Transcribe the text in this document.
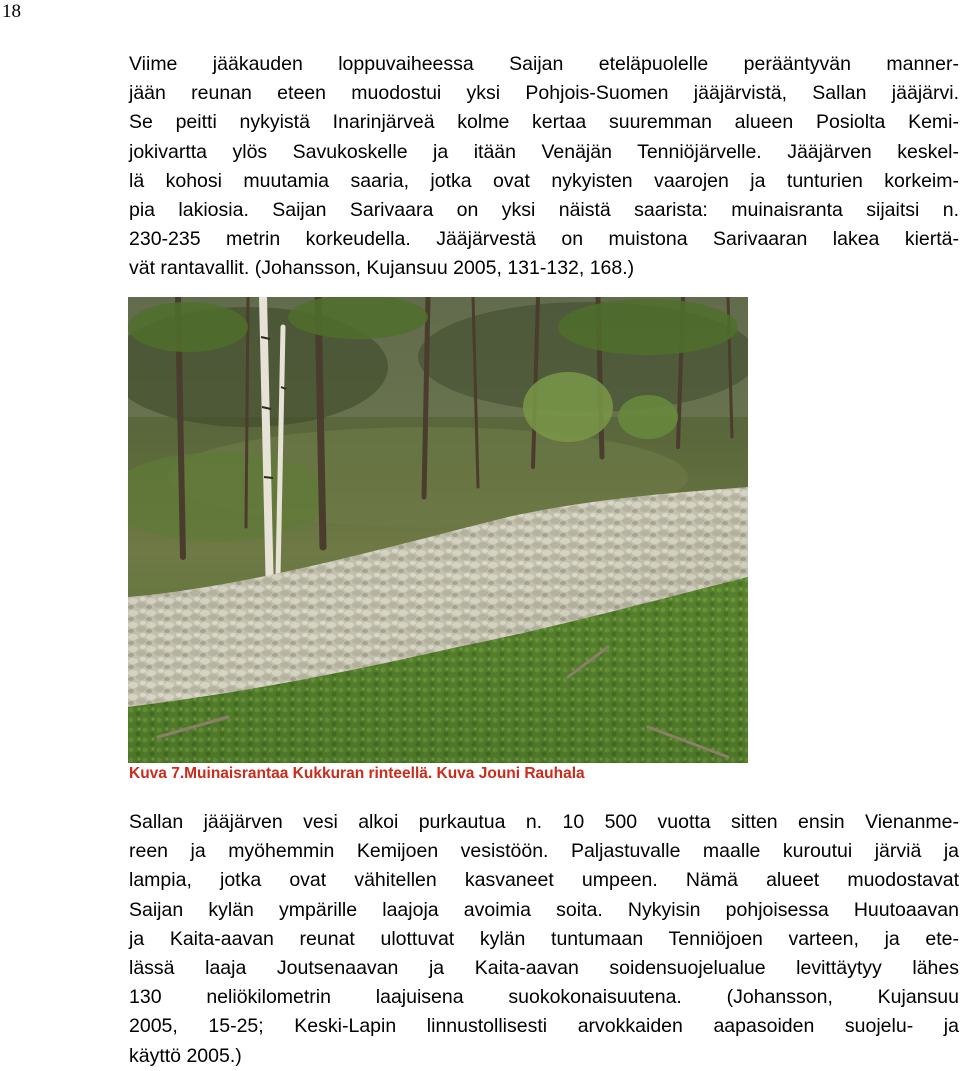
18
Viime jääkauden loppuvaiheessa Saijan eteläpuolelle perääntyvän manner-
jään reunan eteen muodostui yksi Pohjois-Suomen jääjärvistä, Sallan jääjärvi.
Se peitti nykyistä Inarinjärveä kolme kertaa suuremman alueen Posiolta Kemi-
jokivartta ylös Savukoskelle ja itään Venäjän Tenniöjärvelle. Jääjärven keskel-
lä kohosi muutamia saaria, jotka ovat nykyisten vaarojen ja tunturien korkeim-
pia lakiosia. Saijan Sarivaara on yksi näistä saarista: muinaisranta sijaitsi n.
230-235 metrin korkeudella. Jääjärvestä on muistona Sarivaaran lakea kiertä-
vät rantavallit. (Johansson, Kujansuu 2005, 131-132, 168.)
Kuva 7.Muinaisrantaa Kukkuran rinteellä. Kuva Jouni Rauhala
Sallan jääjärven vesi alkoi purkautua n. 10 500 vuotta sitten ensin Vienanme-
reen ja myöhemmin Kemijoen vesistöön. Paljastuvalle maalle kuroutui järviä ja
lampia, jotka ovat vähitellen kasvaneet umpeen. Nämä alueet muodostavat
Saijan kylän ympärille laajoja avoimia soita. Nykyisin pohjoisessa Huutoaavan
ja Kaita-aavan reunat ulottuvat kylän tuntumaan Tenniöjoen varteen, ja ete-
lässä laaja Joutsenaavan ja Kaita-aavan soidensuojelualue levittäytyy lähes
130 neliökilometrin laajuisena suokokonaisuutena. (Johansson, Kujansuu
2005, 15-25; Keski-Lapin linnustollisesti arvokkaiden aapasoiden suojelu- ja
käyttö 2005.)
